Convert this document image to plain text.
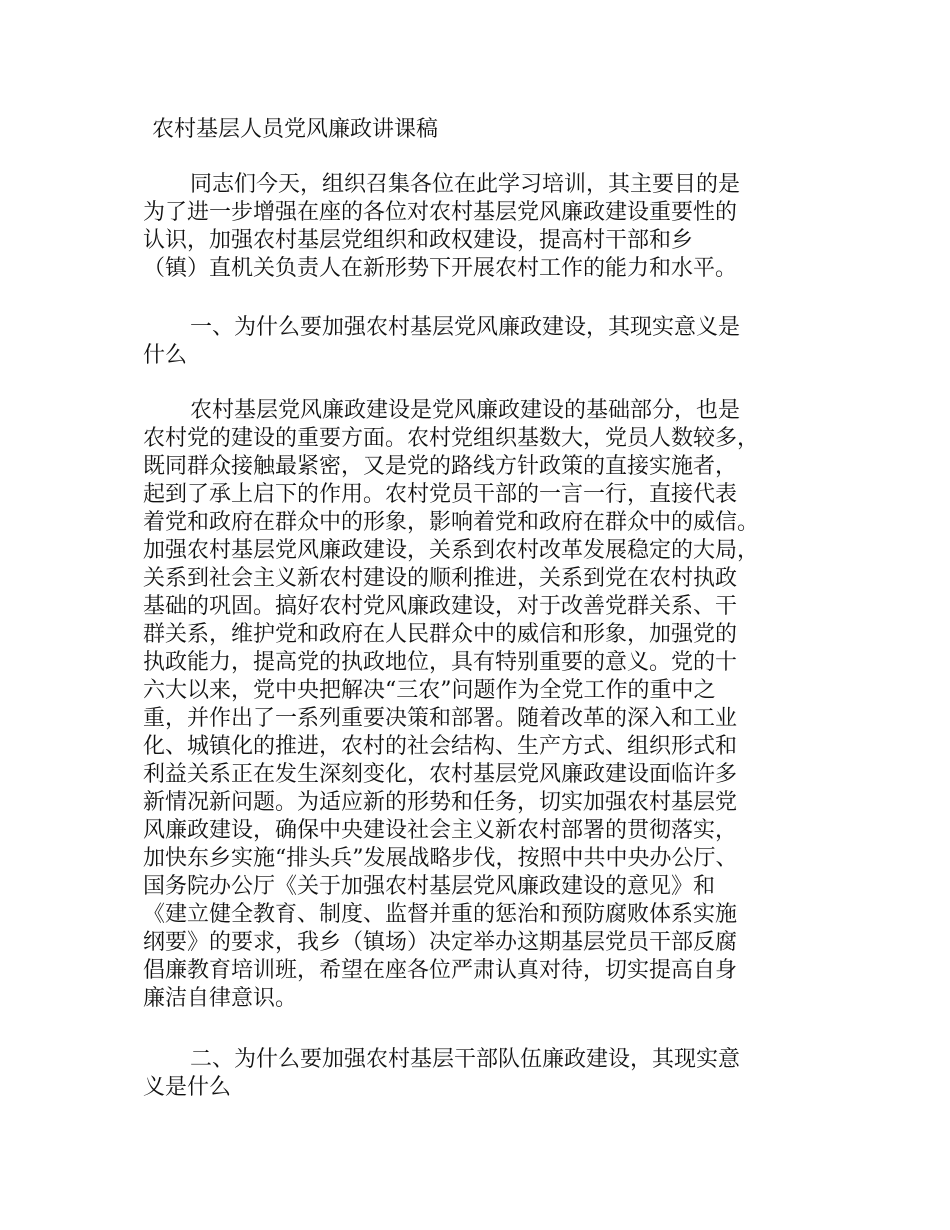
农村基层人员党风廉政讲课稿
同志们今天，组织召集各位在此学习培训，其主要目的是
为了进一步增强在座的各位对农村基层党风廉政建设重要性的
认识，加强农村基层党组织和政权建设，提高村干部和乡
（镇）直机关负责人在新形势下开展农村工作的能力和水平。
一、为什么要加强农村基层党风廉政建设，其现实意义是
什么
农村基层党风廉政建设是党风廉政建设的基础部分，也是
农村党的建设的重要方面。农村党组织基数大，党员人数较多，
既同群众接触最紧密，又是党的路线方针政策的直接实施者，
起到了承上启下的作用。农村党员干部的一言一行，直接代表
着党和政府在群众中的形象，影响着党和政府在群众中的威信。
加强农村基层党风廉政建设，关系到农村改革发展稳定的大局，
关系到社会主义新农村建设的顺利推进，关系到党在农村执政
基础的巩固。搞好农村党风廉政建设，对于改善党群关系、干
群关系，维护党和政府在人民群众中的威信和形象，加强党的
执政能力，提高党的执政地位，具有特别重要的意义。党的十
六大以来，党中央把解决“三农”问题作为全党工作的重中之
重，并作出了一系列重要决策和部署。随着改革的深入和工业
化、城镇化的推进，农村的社会结构、生产方式、组织形式和
利益关系正在发生深刻变化，农村基层党风廉政建设面临许多
新情况新问题。为适应新的形势和任务，切实加强农村基层党
风廉政建设，确保中央建设社会主义新农村部署的贯彻落实，
加快东乡实施“排头兵”发展战略步伐，按照中共中央办公厅、
国务院办公厅《关于加强农村基层党风廉政建设的意见》和
《建立健全教育、制度、监督并重的惩治和预防腐败体系实施
纲要》的要求，我乡（镇场）决定举办这期基层党员干部反腐
倡廉教育培训班，希望在座各位严肃认真对待，切实提高自身
廉洁自律意识。
二、为什么要加强农村基层干部队伍廉政建设，其现实意
义是什么
